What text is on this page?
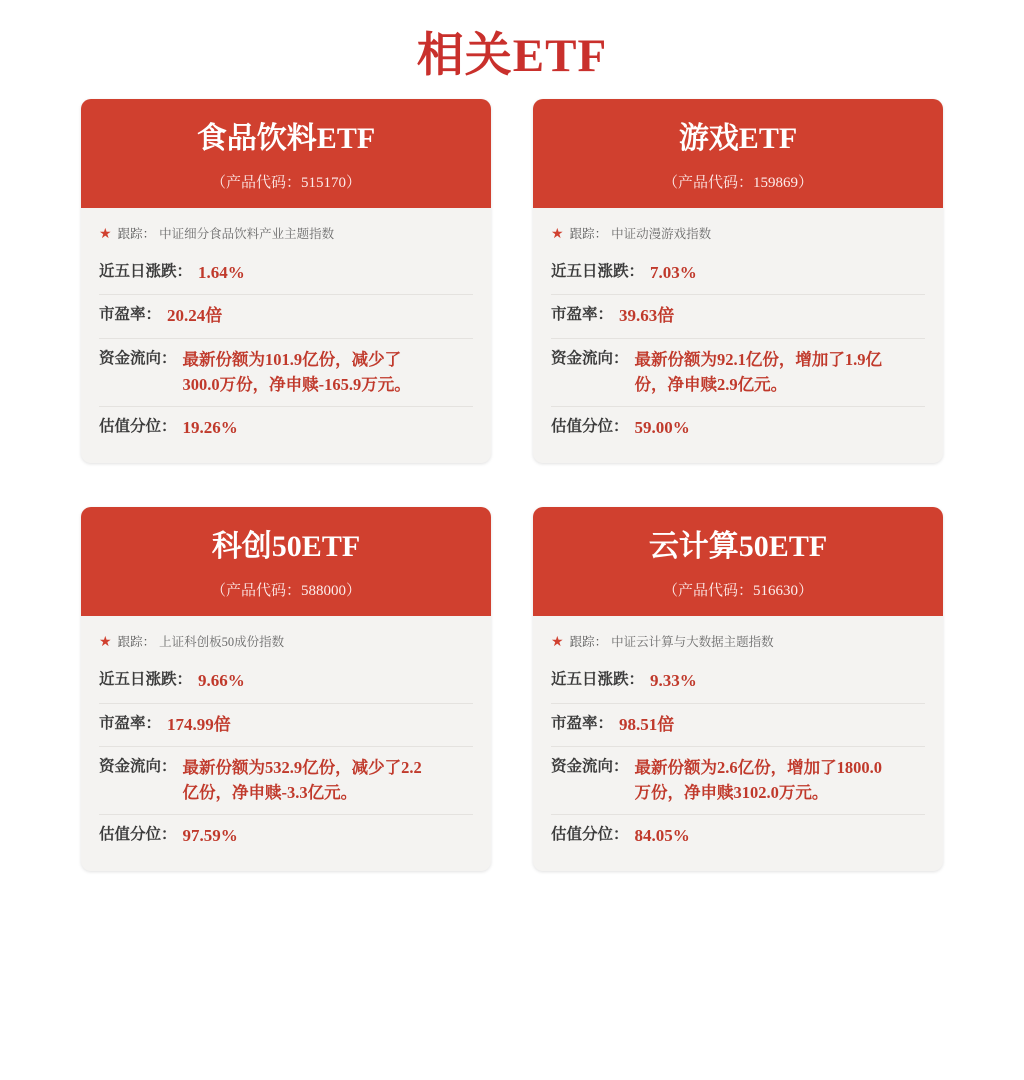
相关ETF
食品饮料ETF
（产品代码：515170）
★ 跟踪： 中证细分食品饮料产业主题指数
近五日涨跌： 1.64%
市盈率： 20.24倍
资金流向： 最新份额为101.9亿份，减少了300.0万份，净申赎-165.9万元。
估值分位： 19.26%
游戏ETF
（产品代码：159869）
★ 跟踪： 中证动漫游戏指数
近五日涨跌： 7.03%
市盈率： 39.63倍
资金流向： 最新份额为92.1亿份，增加了1.9亿份，净申赎2.9亿元。
估值分位： 59.00%
科创50ETF
（产品代码：588000）
★ 跟踪： 上证科创板50成份指数
近五日涨跌： 9.66%
市盈率： 174.99倍
资金流向： 最新份额为532.9亿份，减少了2.2亿份，净申赎-3.3亿元。
估值分位： 97.59%
云计算50ETF
（产品代码：516630）
★ 跟踪： 中证云计算与大数据主题指数
近五日涨跌： 9.33%
市盈率： 98.51倍
资金流向： 最新份额为2.6亿份，增加了1800.0万份，净申赎3102.0万元。
估值分位： 84.05%
